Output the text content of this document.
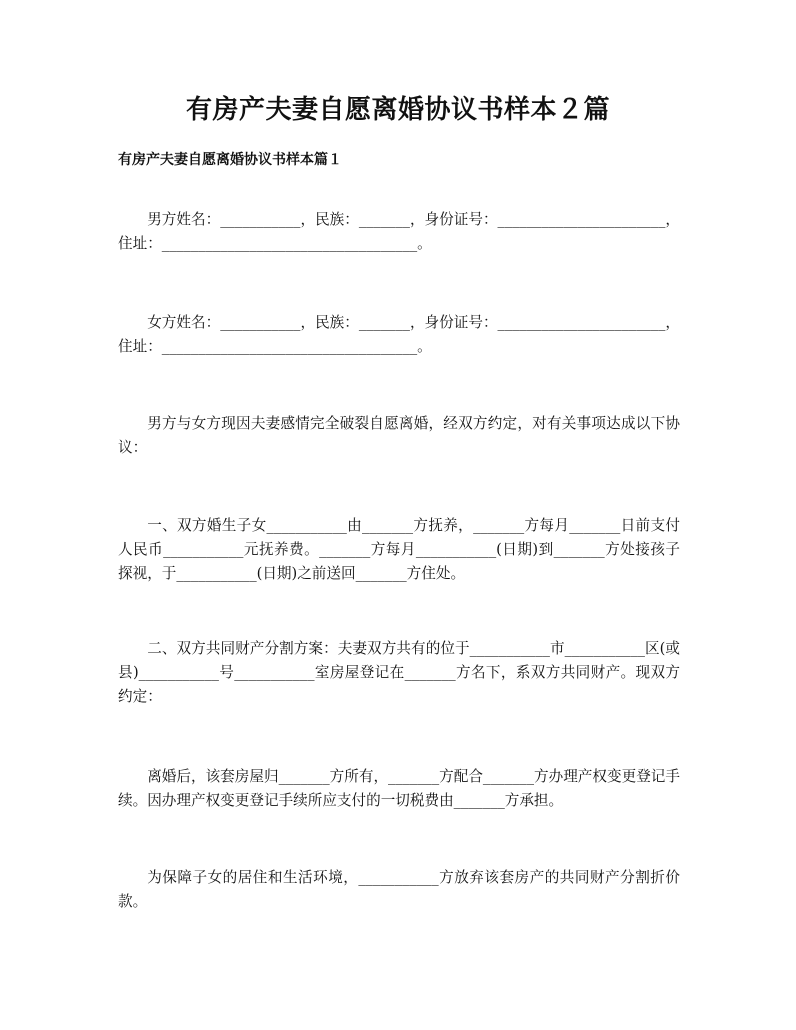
有房产夫妻自愿离婚协议书样本２篇
有房产夫妻自愿离婚协议书样本篇１

男方姓名：___________，民族：_______，身份证号：_______________________，住址：___________________________________。

女方姓名：___________，民族：_______，身份证号：_______________________，住址：___________________________________。

男方与女方现因夫妻感情完全破裂自愿离婚，经双方约定，对有关事项达成以下协议：

一、双方婚生子女___________由_______方抚养，_______方每月_______日前支付人民币___________元抚养费。_______方每月___________(日期)到_______方处接孩子探视，于___________(日期)之前送回_______方住处。

二、双方共同财产分割方案：夫妻双方共有的位于___________市___________区(或县)___________号___________室房屋登记在_______方名下，系双方共同财产。现双方约定：

离婚后，该套房屋归_______方所有，_______方配合_______方办理产权变更登记手续。因办理产权变更登记手续所应支付的一切税费由_______方承担。

为保障子女的居住和生活环境，___________方放弃该套房产的共同财产分割折价款。
